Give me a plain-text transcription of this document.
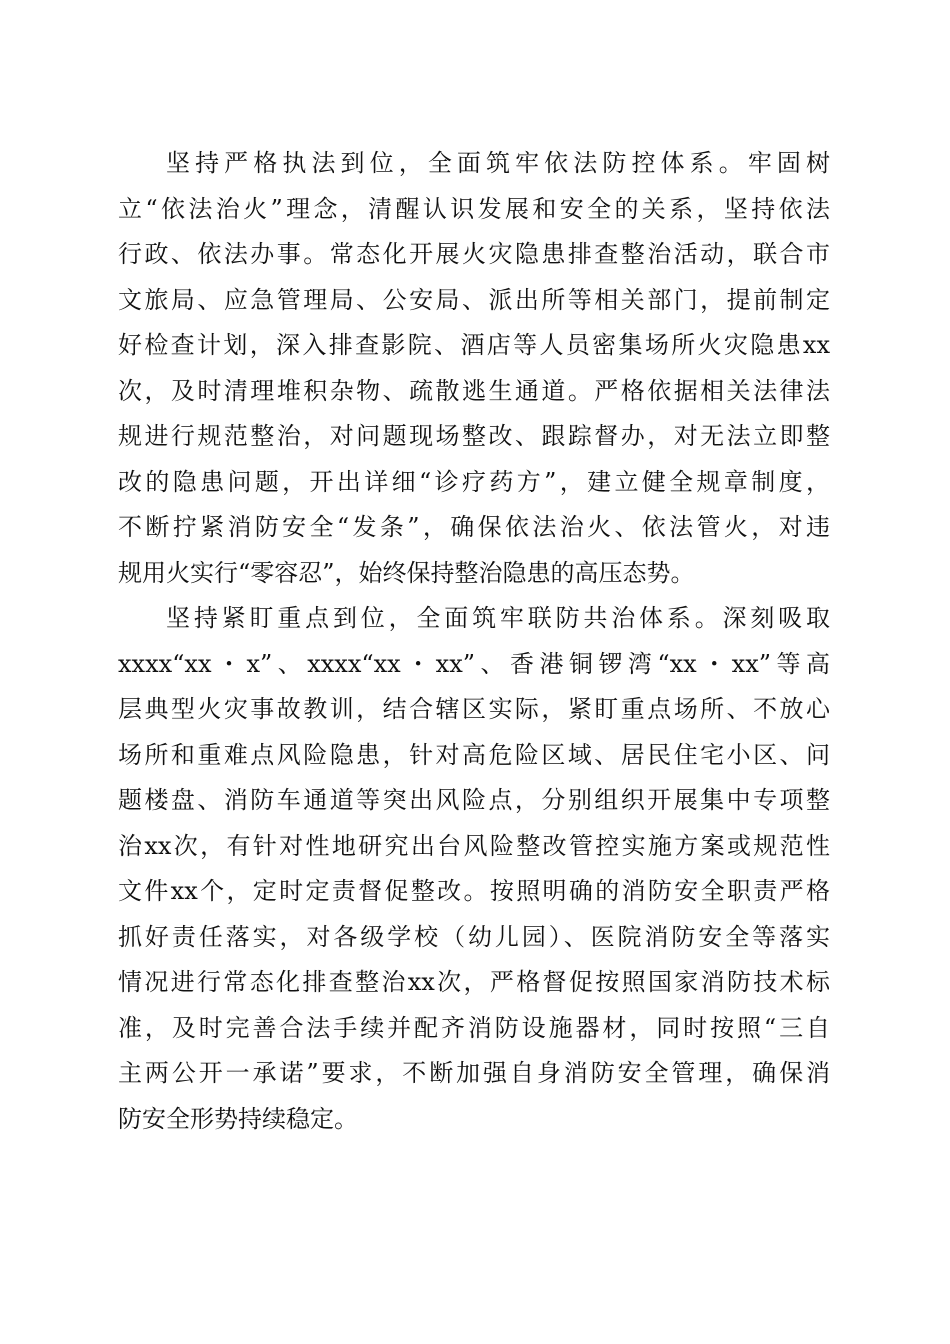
坚持严格执法到位，全面筑牢依法防控体系。牢固树
立“依法治火”理念，清醒认识发展和安全的关系，坚持依法
行政、依法办事。常态化开展火灾隐患排查整治活动，联合市
文旅局、应急管理局、公安局、派出所等相关部门，提前制定
好检查计划，深入排查影院、酒店等人员密集场所火灾隐患xx
次，及时清理堆积杂物、疏散逃生通道。严格依据相关法律法
规进行规范整治，对问题现场整改、跟踪督办，对无法立即整
改的隐患问题，开出详细“诊疗药方”，建立健全规章制度，
不断拧紧消防安全“发条”，确保依法治火、依法管火，对违
规用火实行“零容忍”，始终保持整治隐患的高压态势。
坚持紧盯重点到位，全面筑牢联防共治体系。深刻吸取
xxxx“xx・x”、xxxx“xx・xx”、香港铜锣湾“xx・xx”等高
层典型火灾事故教训，结合辖区实际，紧盯重点场所、不放心
场所和重难点风险隐患，针对高危险区域、居民住宅小区、问
题楼盘、消防车通道等突出风险点，分别组织开展集中专项整
治xx次，有针对性地研究出台风险整改管控实施方案或规范性
文件xx个，定时定责督促整改。按照明确的消防安全职责严格
抓好责任落实，对各级学校（幼儿园）、医院消防安全等落实
情况进行常态化排查整治xx次，严格督促按照国家消防技术标
准，及时完善合法手续并配齐消防设施器材，同时按照“三自
主两公开一承诺”要求，不断加强自身消防安全管理，确保消
防安全形势持续稳定。
